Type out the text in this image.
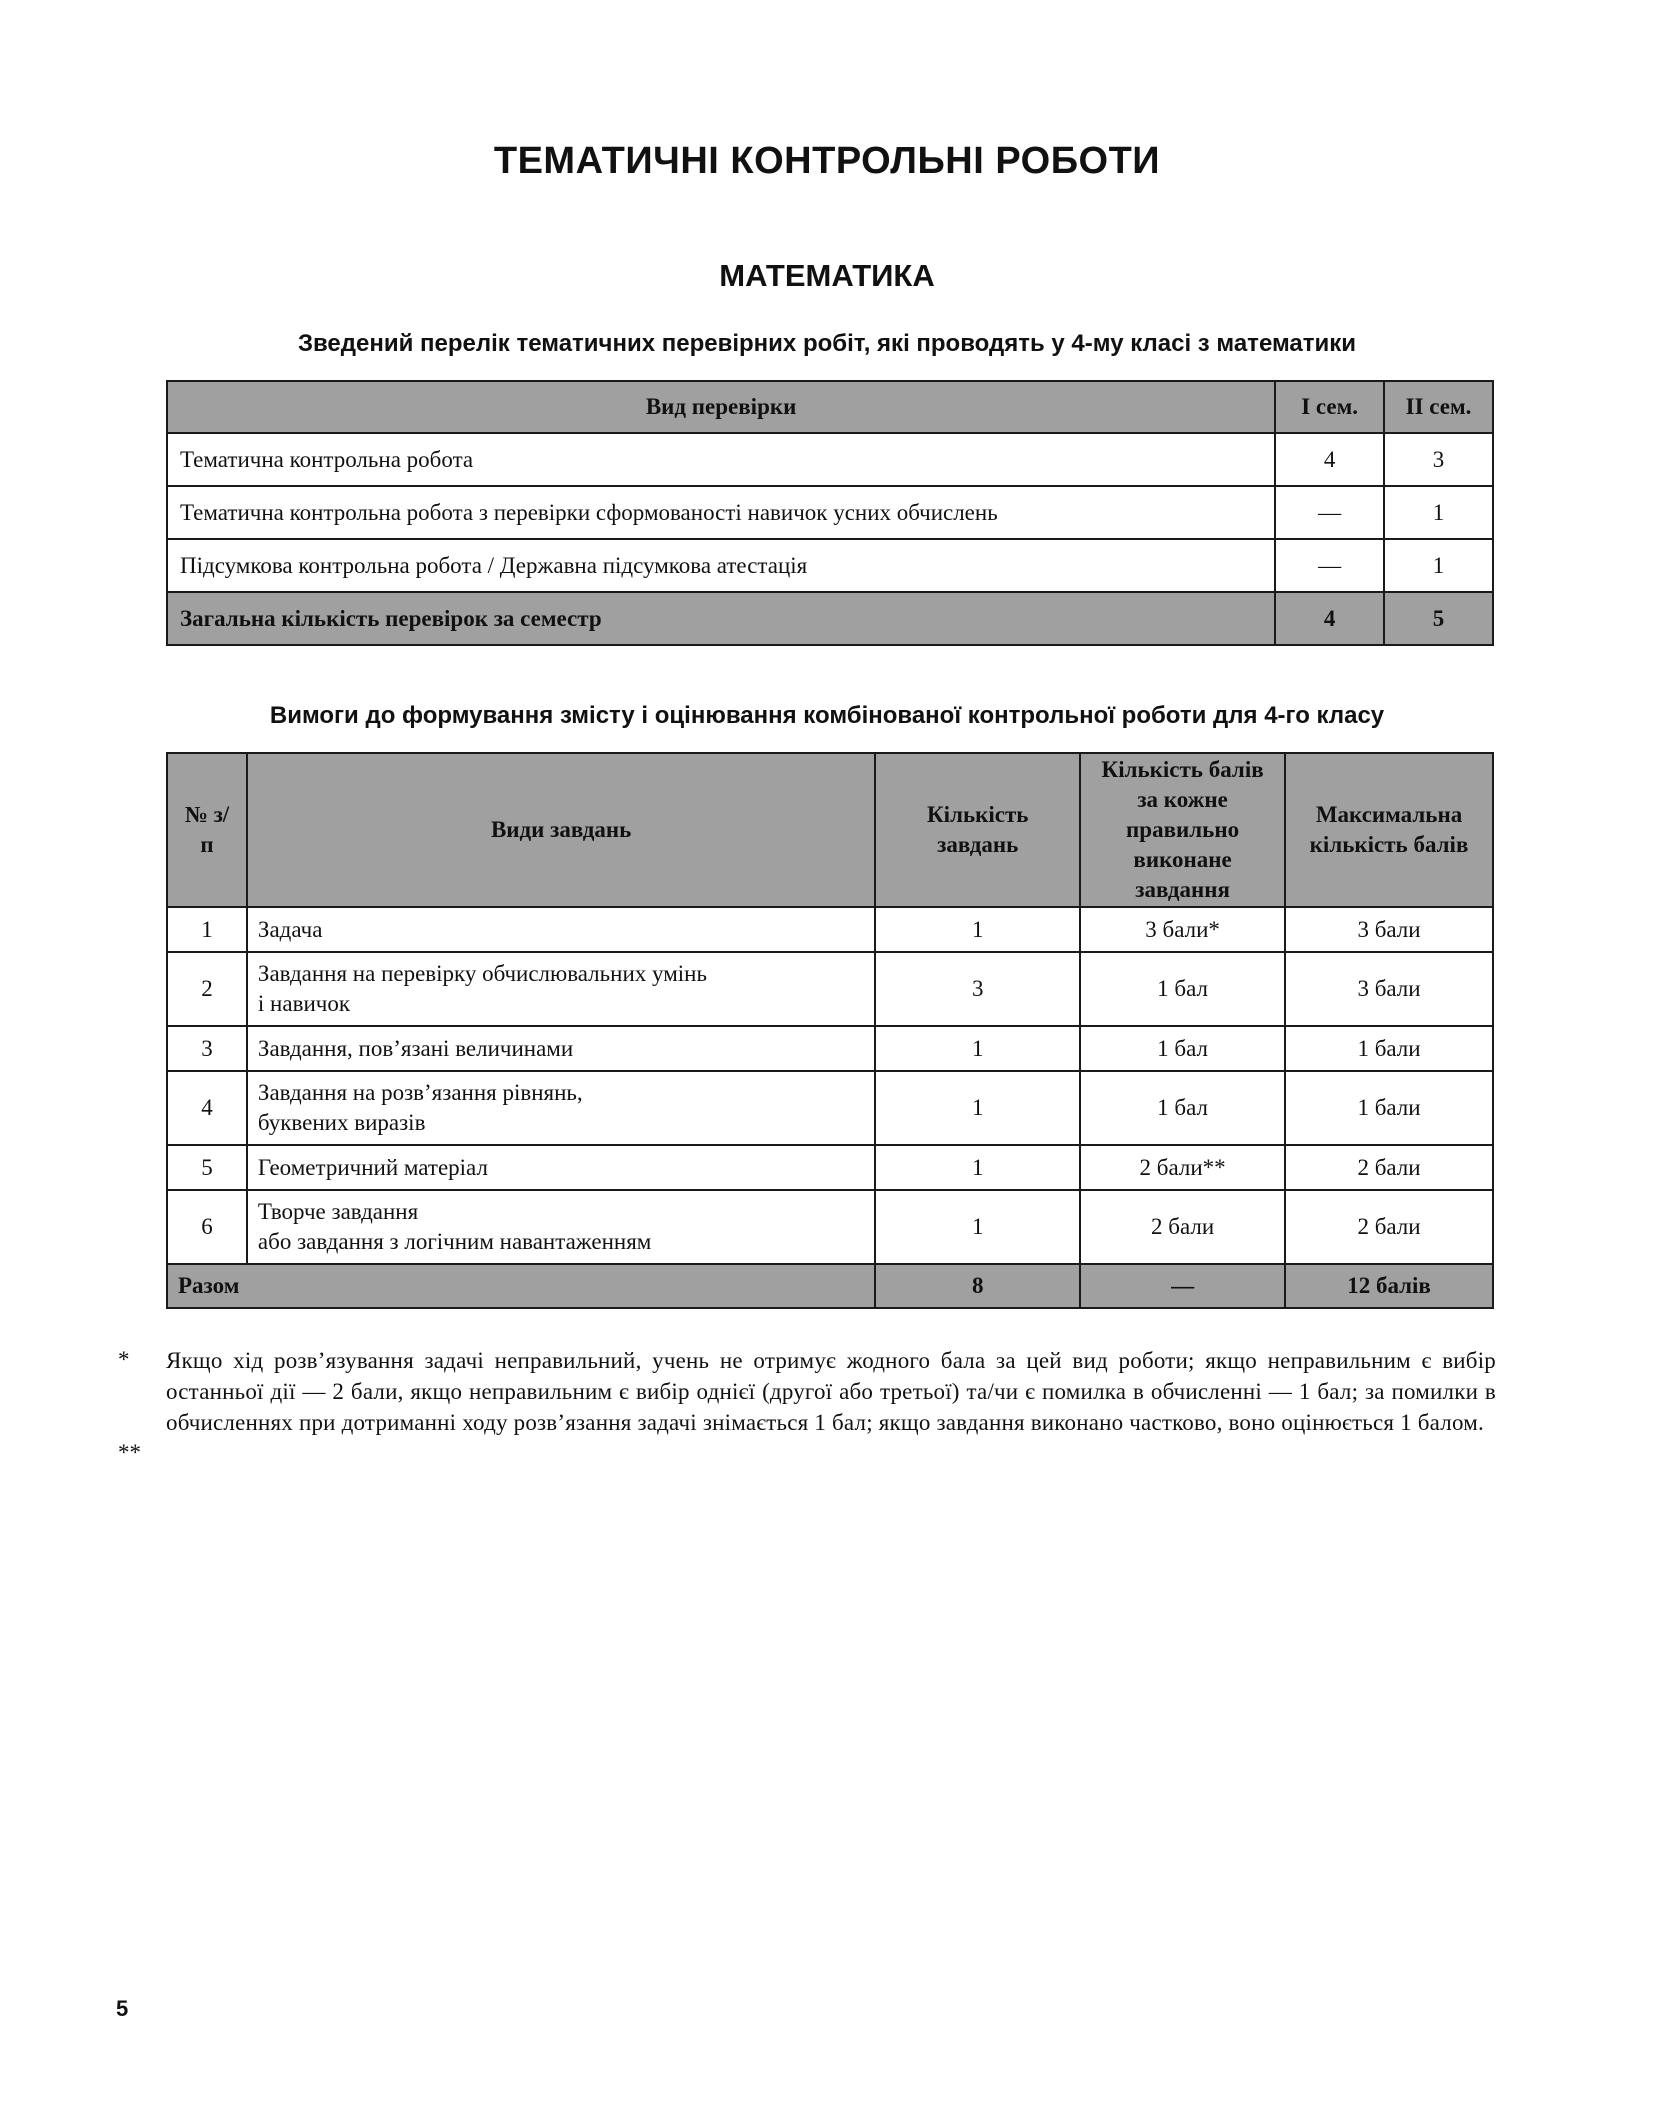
ТЕМАТИЧНІ КОНТРОЛЬНІ РОБОТИ
МАТЕМАТИКА
Зведений перелік тематичних перевірних робіт, які проводять у 4-му класі з математики
Вид перевірки	І сем.	ІІ сем.
Тематична контрольна робота	4	3
Тематична контрольна робота з перевірки сформованості навичок усних обчислень	—	1
Підсумкова контрольна робота / Державна підсумкова атестація	—	1
Загальна кількість перевірок за семестр	4	5
Вимоги до формування змісту і оцінювання комбінованої контрольної роботи для 4-го класу
№ з/п	Види завдань	Кількість завдань	Кількість балів за кожне правильно виконане завдання	Максимальна кількість балів
1	Задача	1	3 бали*	3 бали
2	Завдання на перевірку обчислювальних умінь
і навичок	3	1 бал	3 бали
3	Завдання, пов’язані величинами	1	1 бал	1 бали
4	Завдання на розв’язання рівнянь,
буквених виразів	1	1 бал	1 бали
5	Геометричний матеріал	1	2 бали**	2 бали
6	Творче завдання
або завдання з логічним навантаженням	1	2 бали	2 бали
Разом		8	—	12 балів
*
**
Якщо хід розв’язування задачі неправильний, учень не отримує жодного бала за цей вид роботи; якщо неправильним є вибір останньої дії — 2 бали, якщо неправильним є вибір однієї (другої або третьої) та/чи є помилка в обчисленні — 1 бал; за помилки в обчисленнях при дотриманні ходу розв’язання задачі знімається 1 бал; якщо завдання виконано частково, воно оцінюється 1 балом.
5
